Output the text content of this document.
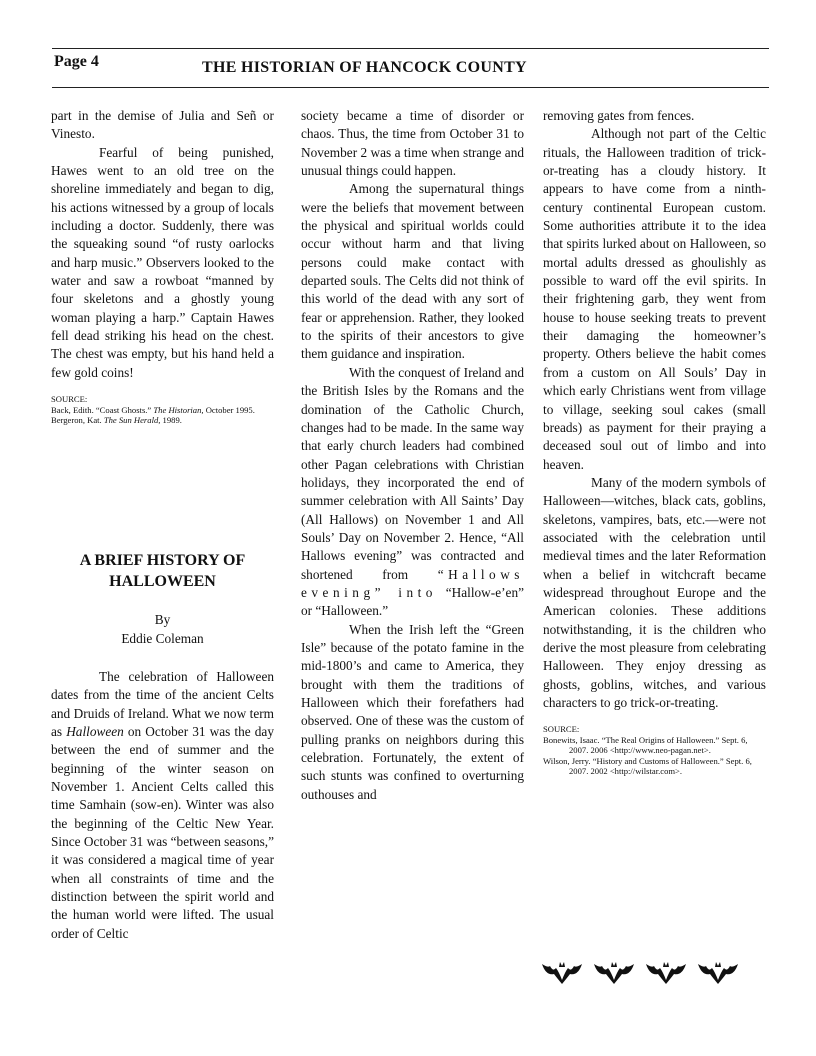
Page 4	THE HISTORIAN OF HANCOCK COUNTY

part in the demise of Julia and Señ or Vinesto.

Fearful of being punished, Hawes went to an old tree on the shoreline immediately and began to dig, his actions witnessed by a group of locals including a doctor. Suddenly, there was the squeaking sound “of rusty oarlocks and harp music.” Observers looked to the water and saw a rowboat “manned by four skeletons and a ghostly young woman playing a harp.” Captain Hawes fell dead striking his head on the chest. The chest was empty, but his hand held a few gold coins!

SOURCE:

Back, Edith. “Coast Ghosts.” The Historian, October 1995.

Bergeron, Kat. The Sun Herald, 1989.

A BRIEF HISTORY OF HALLOWEEN
By
Eddie Coleman

The celebration of Halloween dates from the time of the ancient Celts and Druids of Ireland. What we now term as Halloween on October 31 was the day between the end of summer and the beginning of the winter season on November 1. Ancient Celts called this time Samhain (sow-en). Winter was also the beginning of the Celtic New Year. Since October 31 was “between seasons,” it was considered a magical time of year when all constraints of time and the distinction between the spirit world and the human world were lifted. The usual order of Celtic

society became a time of disorder or chaos. Thus, the time from October 31 to November 2 was a time when strange and unusual things could happen.

Among the supernatural things were the beliefs that movement between the physical and spiritual worlds could occur without harm and that living persons could make contact with departed souls. The Celts did not think of this world of the dead with any sort of fear or apprehension. Rather, they looked to the spirits of their ancestors to give them guidance and inspiration.

With the conquest of Ireland and the British Isles by the Romans and the domination of the Catholic Church, changes had to be made. In the same way that early church leaders had combined other Pagan celebrations with Christian holidays, they incorporated the end of summer celebration with All Saints’ Day (All Hallows) on November 1 and All Souls’ Day on November 2. Hence, “All Hallows evening” was contracted and shortened from “Hallows evening” into “Hallow-e’en” or “Halloween.”

When the Irish left the “Green Isle” because of the potato famine in the mid-1800’s and came to America, they brought with them the traditions of Halloween which their forefathers had observed. One of these was the custom of pulling pranks on neighbors during this celebration. Fortunately, the extent of such stunts was confined to overturning outhouses and

removing gates from fences.

Although not part of the Celtic rituals, the Halloween tradition of trick-or-treating has a cloudy history. It appears to have come from a ninth-century continental European custom. Some authorities attribute it to the idea that spirits lurked about on Halloween, so mortal adults dressed as ghoulishly as possible to ward off the evil spirits. In their frightening garb, they went from house to house seeking treats to prevent their damaging the homeowner’s property. Others believe the habit comes from a custom on All Souls’ Day in which early Christians went from village to village, seeking soul cakes (small breads) as payment for their praying a deceased soul out of limbo and into heaven.

Many of the modern symbols of Halloween—witches, black cats, goblins, skeletons, vampires, bats, etc.—were not associated with the celebration until medieval times and the later Reformation when a belief in witchcraft became widespread throughout Europe and the American colonies. These additions notwithstanding, it is the children who derive the most pleasure from celebrating Halloween. They enjoy dressing as ghosts, goblins, witches, and various characters to go trick-or-treating.

SOURCE:

Bonewits, Isaac. “The Real Origins of Halloween.” Sept. 6, 2007. 2006 <http://www.neo-pagan.net>.

Wilson, Jerry. “History and Customs of Halloween.” Sept. 6, 2007. 2002 <http://wilstar.com>.
